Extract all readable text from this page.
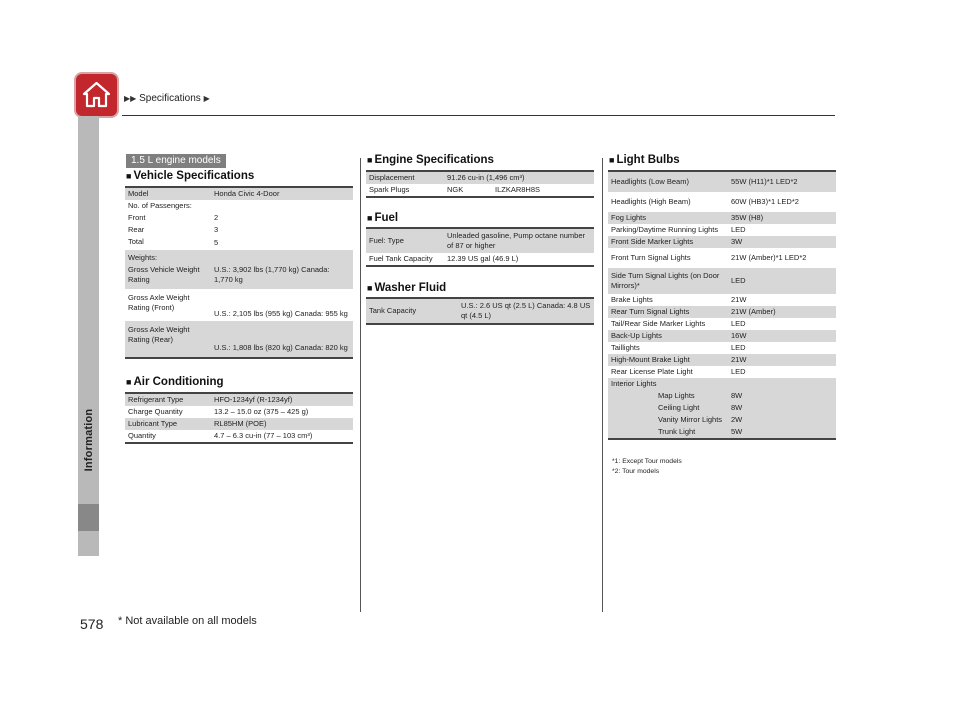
▶▶ Specifications ▶
Information
578 * Not available on all models
1.5 L engine models
■ Vehicle Specifications
Model	Honda Civic 4-Door
No. of Passengers:	
Front	2
Rear	3
Total	5
Weights:	
Gross Vehicle Weight Rating	U.S.: 3,902 lbs (1,770 kg) Canada: 1,770 kg
Gross Axle Weight Rating (Front)	U.S.: 2,105 lbs (955 kg) Canada: 955 kg
Gross Axle Weight Rating (Rear)	U.S.: 1,808 lbs (820 kg) Canada: 820 kg
■ Air Conditioning
Refrigerant Type	HFO-1234yf (R-1234yf)
Charge Quantity	13.2 – 15.0 oz (375 – 425 g)
Lubricant Type	RL85HM (POE)
Quantity	4.7 – 6.3 cu-in (77 – 103 cm³)
■ Engine Specifications
Displacement	91.26 cu-in (1,496 cm³)	
Spark Plugs	NGK	ILZKAR8H8S
■ Fuel
Fuel: Type	Unleaded gasoline, Pump octane number of 87 or higher
Fuel Tank Capacity	12.39 US gal (46.9 L)
■ Washer Fluid
Tank Capacity	U.S.: 2.6 US qt (2.5 L) Canada: 4.8 US qt (4.5 L)
■ Light Bulbs
Headlights (Low Beam)	55W (H11)*1 LED*2
Headlights (High Beam)	60W (HB3)*1 LED*2
Fog Lights	35W (H8)
Parking/Daytime Running Lights	LED
Front Side Marker Lights	3W
Front Turn Signal Lights	21W (Amber)*1 LED*2
Side Turn Signal Lights (on Door Mirrors)*	LED
Brake Lights	21W
Rear Turn Signal Lights	21W (Amber)
Tail/Rear Side Marker Lights	LED
Back-Up Lights	16W
Taillights	LED
High-Mount Brake Light	21W
Rear License Plate Light	LED
Interior Lights	
Map Lights	8W
Ceiling Light	8W
Vanity Mirror Lights	2W
Trunk Light	5W
*1: Except Tour models
*2: Tour models
